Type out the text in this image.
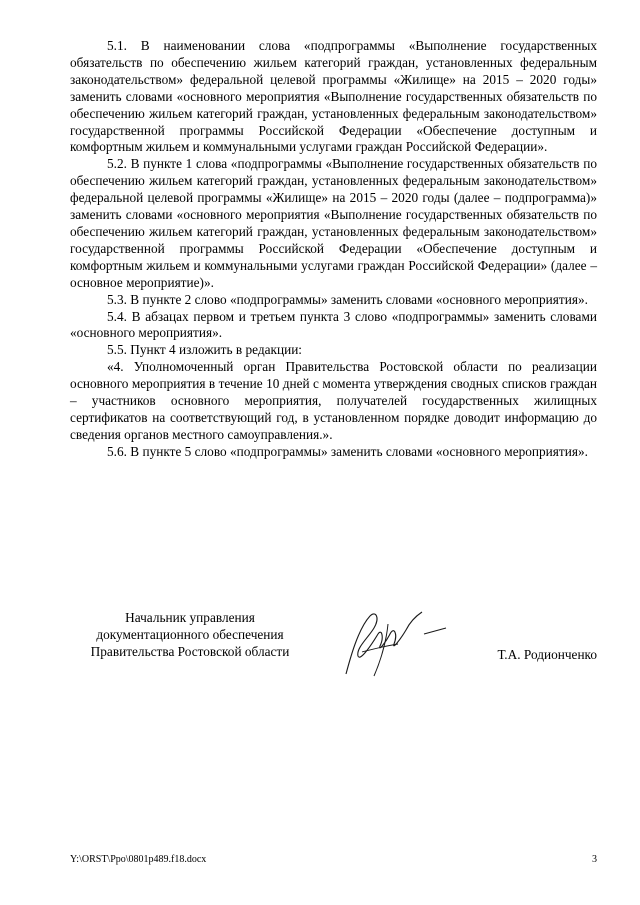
5.1. В наименовании слова «подпрограммы «Выполнение государственных обязательств по обеспечению жильем категорий граждан, установленных федеральным законодательством» федеральной целевой программы «Жилище» на 2015 – 2020 годы» заменить словами «основного мероприятия «Выполнение государственных обязательств по обеспечению жильем категорий граждан, установленных федеральным законодательством» государственной программы Российской Федерации «Обеспечение доступным и комфортным жильем и коммунальными услугами граждан Российской Федерации».

5.2. В пункте 1 слова «подпрограммы «Выполнение государственных обязательств по обеспечению жильем категорий граждан, установленных федеральным законодательством» федеральной целевой программы «Жилище» на 2015 – 2020 годы (далее – подпрограмма)» заменить словами «основного мероприятия «Выполнение государственных обязательств по обеспечению жильем категорий граждан, установленных федеральным законодательством» государственной программы Российской Федерации «Обеспечение доступным и комфортным жильем и коммунальными услугами граждан Российской Федерации» (далее – основное мероприятие)».

5.3. В пункте 2 слово «подпрограммы» заменить словами «основного мероприятия».

5.4. В абзацах первом и третьем пункта 3 слово «подпрограммы» заменить словами «основного мероприятия».

5.5. Пункт 4 изложить в редакции:

«4. Уполномоченный орган Правительства Ростовской области по реализации основного мероприятия в течение 10 дней с момента утверждения сводных списков граждан – участников основного мероприятия, получателей государственных жилищных сертификатов на соответствующий год, в установленном порядке доводит информацию до сведения органов местного самоуправления.».

5.6. В пункте 5 слово «подпрограммы» заменить словами «основного мероприятия».

Начальник управления
документационного обеспечения
Правительства Ростовской области	Т.А. Родионченко
Y:\ORST\Ppo\0801p489.f18.docx	3
